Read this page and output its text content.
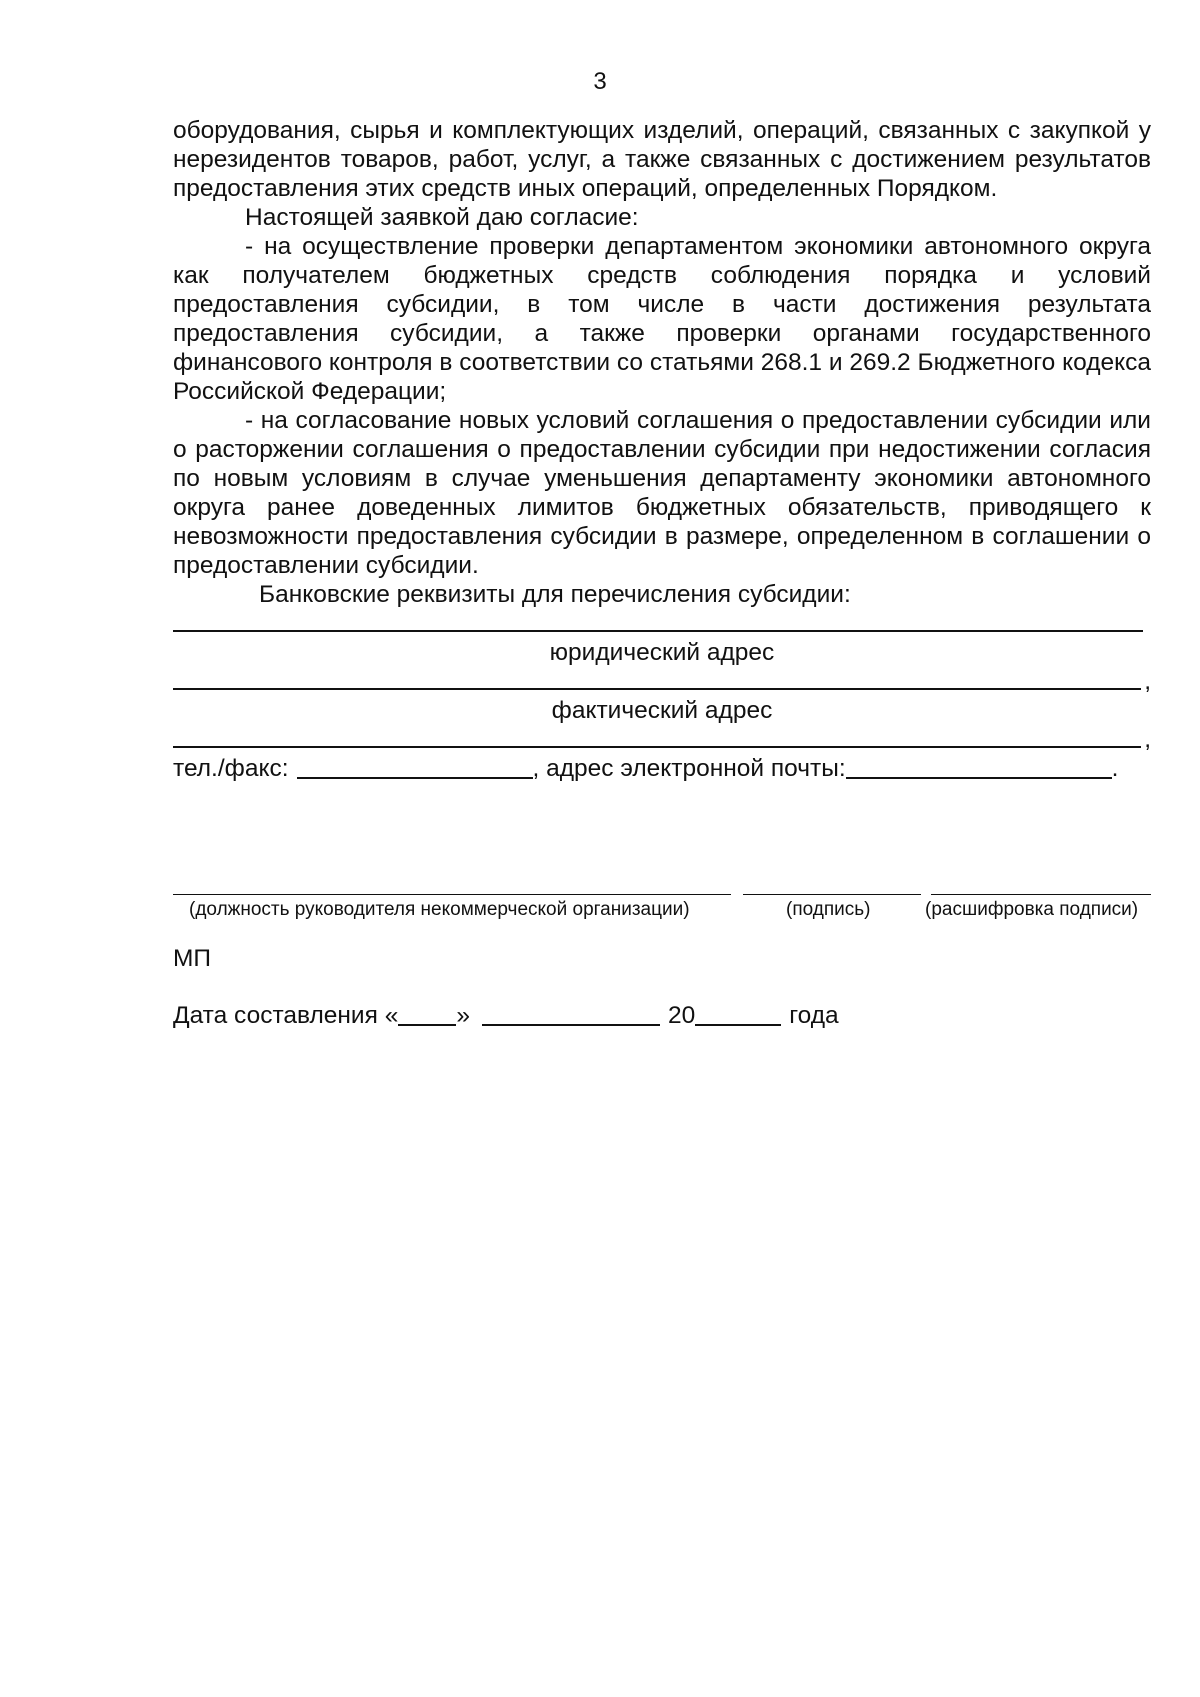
3

оборудования, сырья и комплектующих изделий, операций, связанных с закупкой у нерезидентов товаров, работ, услуг, а также связанных с достижением результатов предоставления этих средств иных операций, определенных Порядком.

Настоящей заявкой даю согласие:

- на осуществление проверки департаментом экономики автономного округа как получателем бюджетных средств соблюдения порядка и условий предоставления субсидии, в том числе в части достижения результата предоставления субсидии, а также проверки органами государственного финансового контроля в соответствии со статьями 268.1 и 269.2 Бюджетного кодекса Российской Федерации;

- на согласование новых условий соглашения о предоставлении субсидии или о расторжении соглашения о предоставлении субсидии при недостижении согласия по новым условиям в случае уменьшения департаменту экономики автономного округа ранее доведенных лимитов бюджетных обязательств, приводящего к невозможности предоставления субсидии в размере, определенном в соглашении о предоставлении субсидии.

Банковские реквизиты для перечисления субсидии:

юридический адрес
,
фактический адрес
,
тел./факс:	, адрес электронной почты:	.
(должность руководителя некоммерческой организации)	(подпись)	(расшифровка подписи)
МП
Дата составления « »	20	года
